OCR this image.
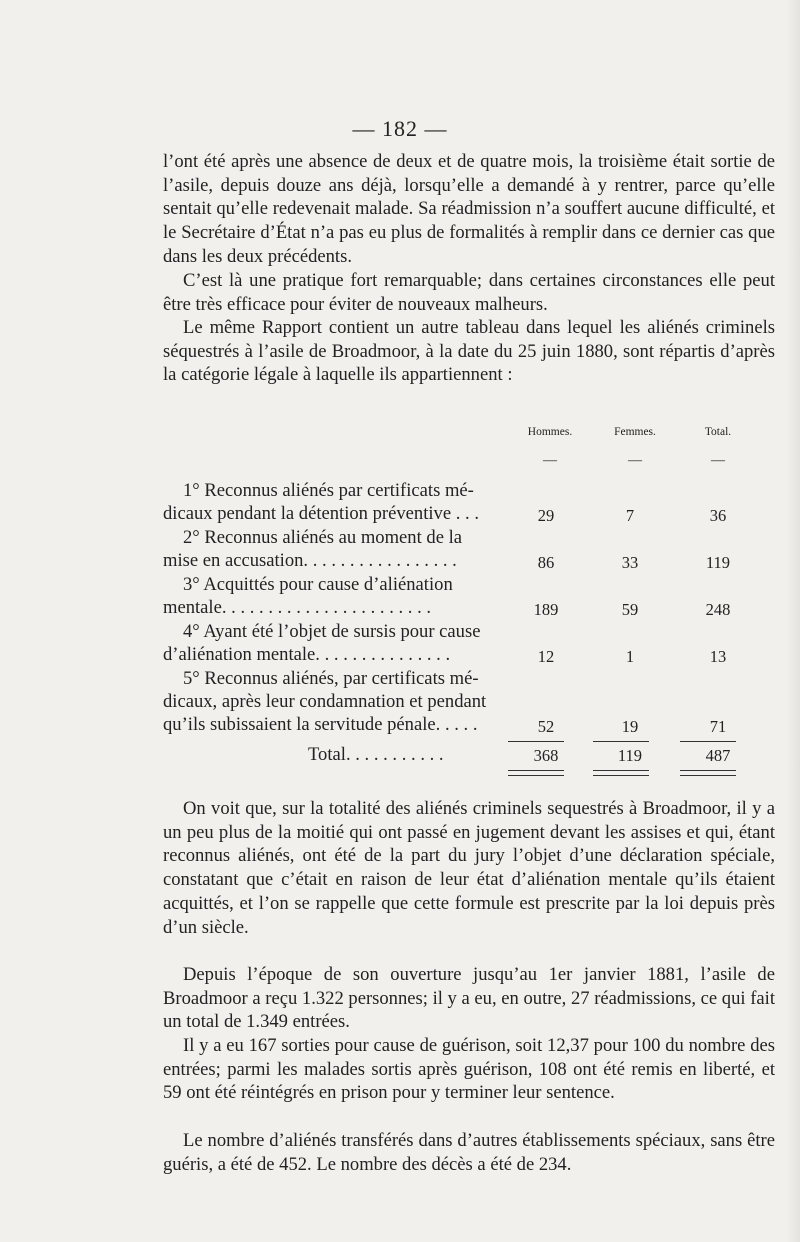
— 182 —

l’ont été après une absence de deux et de quatre mois, la troisième était sortie de l’asile, depuis douze ans déjà, lorsqu’elle a demandé à y rentrer, parce qu’elle sentait qu’elle redevenait malade. Sa réadmission n’a souffert aucune difficulté, et le Secrétaire d’État n’a pas eu plus de formalités à remplir dans ce dernier cas que dans les deux précédents.

C’est là une pratique fort remarquable; dans certaines circonstances elle peut être très efficace pour éviter de nouveaux malheurs.

Le même Rapport contient un autre tableau dans lequel les aliénés criminels séquestrés à l’asile de Broadmoor, à la date du 25 juin 1880, sont répartis d’après la catégorie légale à laquelle ils appartiennent :

Hommes.	Femmes.	Total.
—	—	—
1° Reconnus aliénés par certificats mé-
dicaux pendant la détention préventive . . .	29	7	36
2° Reconnus aliénés au moment de la
mise en accusation. . . . . . . . . . . . . . . . .	86	33	119
3° Acquittés pour cause d’aliénation
mentale. . . . . . . . . . . . . . . . . . . . . . .	189	59	248
4° Ayant été l’objet de sursis pour cause
d’aliénation mentale. . . . . . . . . . . . . . .	12	1	13
5° Reconnus aliénés, par certificats mé-
dicaux, après leur condamnation et pendant
qu’ils subissaient la servitude pénale. . . . .	52	19	71
Total. . . . . . . . . . .	368	119	487

On voit que, sur la totalité des aliénés criminels sequestrés à Broadmoor, il y a un peu plus de la moitié qui ont passé en jugement devant les assises et qui, étant reconnus aliénés, ont été de la part du jury l’objet d’une déclaration spéciale, constatant que c’était en raison de leur état d’aliénation mentale qu’ils étaient acquittés, et l’on se rappelle que cette formule est prescrite par la loi depuis près d’un siècle.

Depuis l’époque de son ouverture jusqu’au 1er janvier 1881, l’asile de Broadmoor a reçu 1.322 personnes; il y a eu, en outre, 27 réadmissions, ce qui fait un total de 1.349 entrées.

Il y a eu 167 sorties pour cause de guérison, soit 12,37 pour 100 du nombre des entrées; parmi les malades sortis après guérison, 108 ont été remis en liberté, et 59 ont été réintégrés en prison pour y terminer leur sentence.

Le nombre d’aliénés transférés dans d’autres établissements spéciaux, sans être guéris, a été de 452. Le nombre des décès a été de 234.
